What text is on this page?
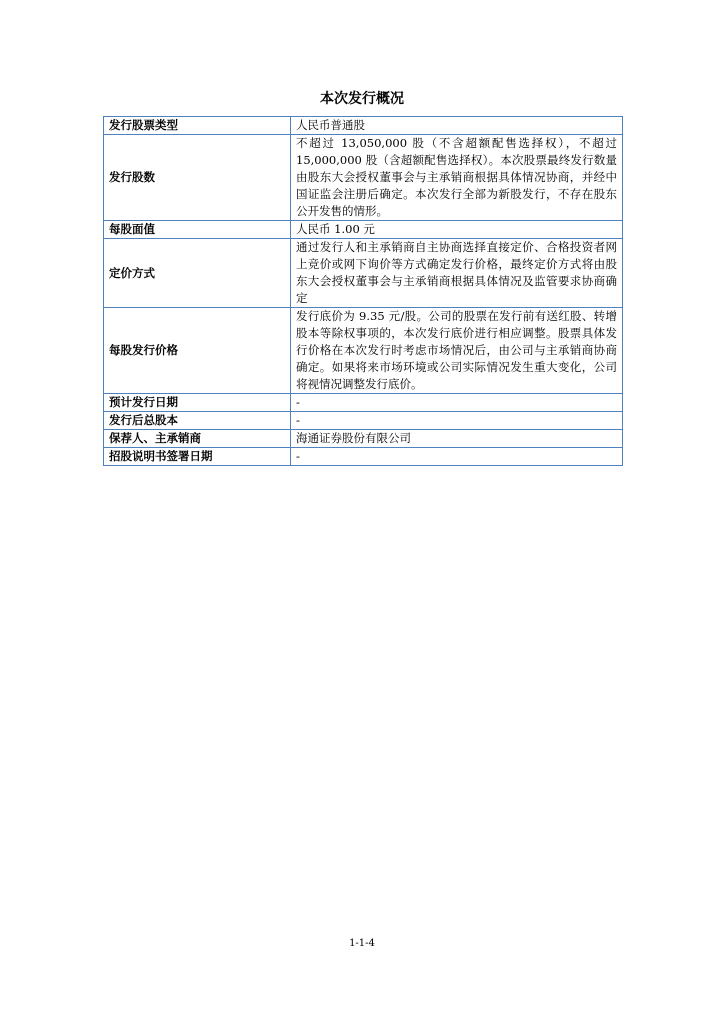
本次发行概况
发行股票类型	人民币普通股
发行股数	不超过 13,050,000 股（不含超额配售选择权），不超过 15,000,000 股（含超额配售选择权）。本次股票最终发行数量由股东大会授权董事会与主承销商根据具体情况协商，并经中国证监会注册后确定。本次发行全部为新股发行，不存在股东公开发售的情形。
每股面值	人民币 1.00 元
定价方式	通过发行人和主承销商自主协商选择直接定价、合格投资者网上竞价或网下询价等方式确定发行价格，最终定价方式将由股东大会授权董事会与主承销商根据具体情况及监管要求协商确定
每股发行价格	发行底价为 9.35 元/股。公司的股票在发行前有送红股、转增股本等除权事项的，本次发行底价进行相应调整。股票具体发行价格在本次发行时考虑市场情况后，由公司与主承销商协商确定。如果将来市场环境或公司实际情况发生重大变化，公司将视情况调整发行底价。
预计发行日期	-
发行后总股本	-
保荐人、主承销商	海通证券股份有限公司
招股说明书签署日期	-
1-1-4
